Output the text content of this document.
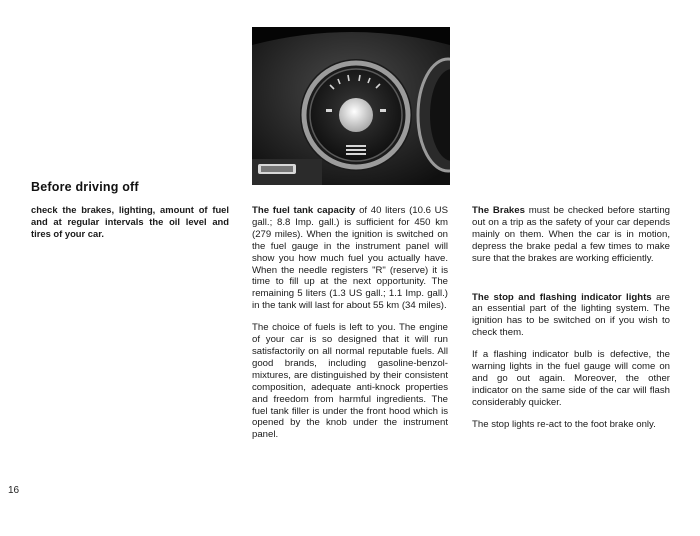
Before driving off

check the brakes, lighting, amount of fuel and at regular intervals the oil level and tires of your car.

The fuel tank capacity of 40 liters (10.6 US gall.; 8.8 Imp. gall.) is sufficient for 450 km (279 miles). When the ignition is switched on the fuel gauge in the instrument panel will show you how much fuel you actually have. When the needle registers "R" (reserve) it is time to fill up at the next opportunity. The remaining 5 liters (1.3 US gall.; 1.1 Imp. gall.) in the tank will last for about 55 km (34 miles).

The choice of fuels is left to you. The engine of your car is so designed that it will run satisfactorily on all normal reputable fuels. All good brands, including gasoline-benzol-mixtures, are distinguished by their consistent composition, adequate anti-knock properties and freedom from harmful ingredients. The fuel tank filler is under the front hood which is opened by the knob under the instrument panel.

The Brakes must be checked before starting out on a trip as the safety of your car depends mainly on them. When the car is in motion, depress the brake pedal a few times to make sure that the brakes are working efficiently.

The stop and flashing indicator lights are an essential part of the lighting system. The ignition has to be switched on if you wish to check them.

If a flashing indicator bulb is defective, the warning lights in the fuel gauge will come on and go out again. Moreover, the other indicator on the same side of the car will flash considerably quicker.

The stop lights re-act to the foot brake only.

16
